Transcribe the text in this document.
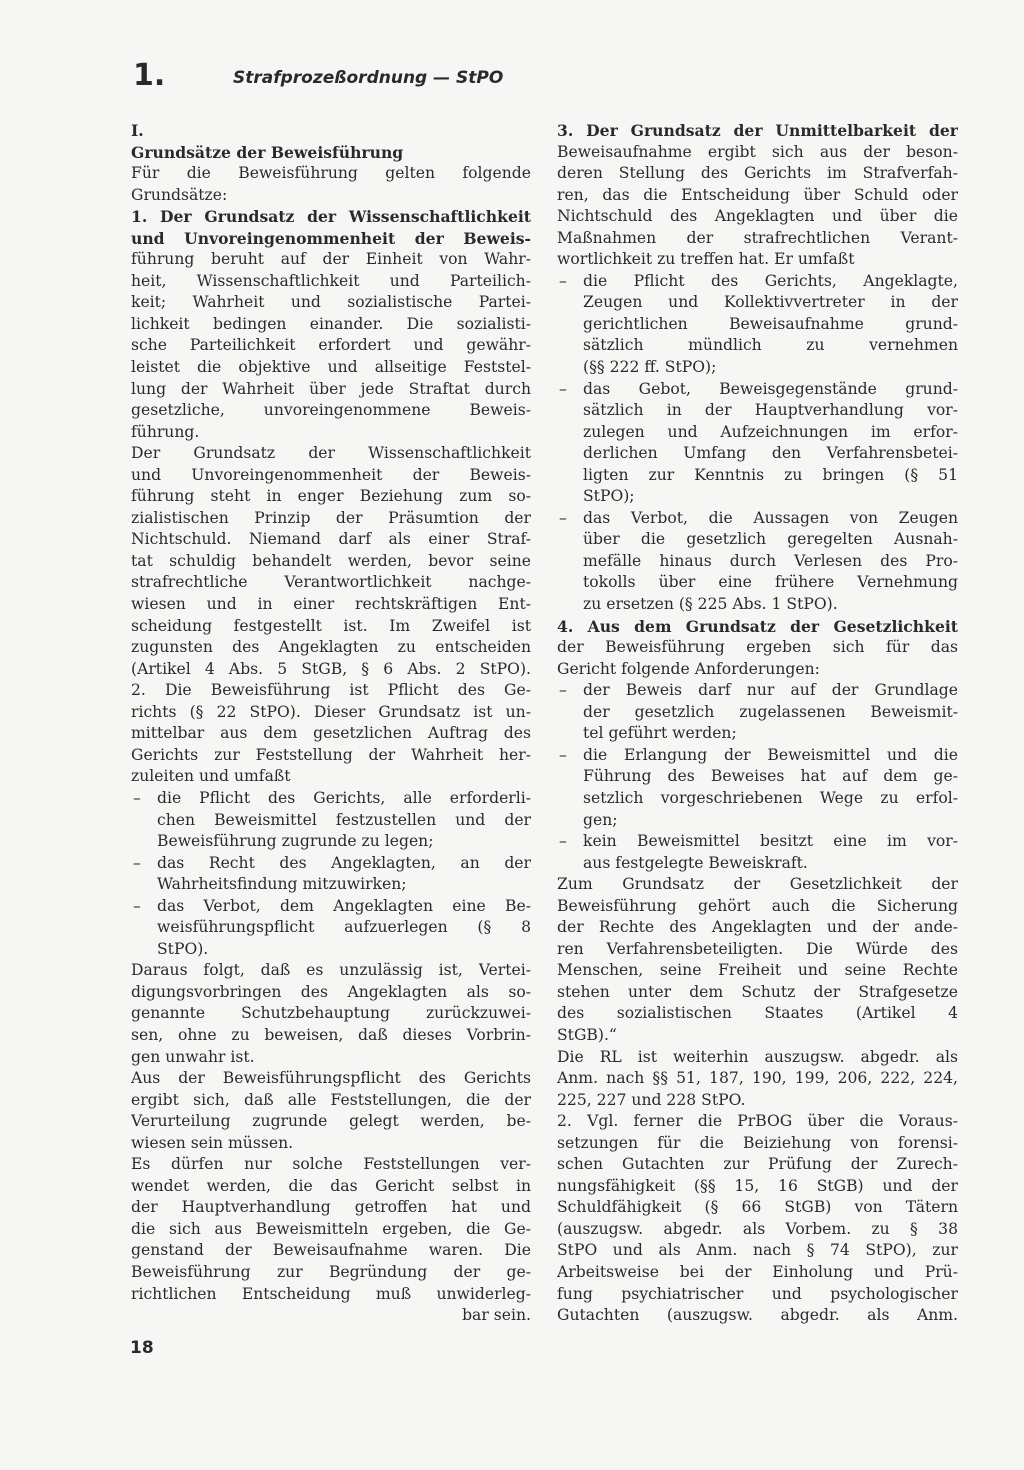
1.	Strafprozeßordnung — StPO
I.
Grundsätze der Beweisführung
Für die Beweisführung gelten folgende
Grundsätze:
1. Der Grundsatz der Wissenschaftlichkeit
und Unvoreingenommenheit der Beweis-
führung beruht auf der Einheit von Wahr-
heit, Wissenschaftlichkeit und Parteilich-
keit; Wahrheit und sozialistische Partei-
lichkeit bedingen einander. Die sozialisti-
sche Parteilichkeit erfordert und gewähr-
leistet die objektive und allseitige Feststel-
lung der Wahrheit über jede Straftat durch
gesetzliche, unvoreingenommene Beweis-
führung.
Der Grundsatz der Wissenschaftlichkeit
und Unvoreingenommenheit der Beweis-
führung steht in enger Beziehung zum so-
zialistischen Prinzip der Präsumtion der
Nichtschuld. Niemand darf als einer Straf-
tat schuldig behandelt werden, bevor seine
strafrechtliche Verantwortlichkeit nachge-
wiesen und in einer rechtskräftigen Ent-
scheidung festgestellt ist. Im Zweifel ist
zugunsten des Angeklagten zu entscheiden
(Artikel 4 Abs. 5 StGB, § 6 Abs. 2 StPO).
2. Die Beweisführung ist Pflicht des Ge-
richts (§ 22 StPO). Dieser Grundsatz ist un-
mittelbar aus dem gesetzlichen Auftrag des
Gerichts zur Feststellung der Wahrheit her-
zuleiten und umfaßt
– die Pflicht des Gerichts, alle erforderli-
chen Beweismittel festzustellen und der
Beweisführung zugrunde zu legen;
– das Recht des Angeklagten, an der
Wahrheitsfindung mitzuwirken;
– das Verbot, dem Angeklagten eine Be-
weisführungspflicht aufzuerlegen (§ 8
StPO).
Daraus folgt, daß es unzulässig ist, Vertei-
digungsvorbringen des Angeklagten als so-
genannte Schutzbehauptung zurückzuwei-
sen, ohne zu beweisen, daß dieses Vorbrin-
gen unwahr ist.
Aus der Beweisführungspflicht des Gerichts
ergibt sich, daß alle Feststellungen, die der
Verurteilung zugrunde gelegt werden, be-
wiesen sein müssen.
Es dürfen nur solche Feststellungen ver-
wendet werden, die das Gericht selbst in
der Hauptverhandlung getroffen hat und
die sich aus Beweismitteln ergeben, die Ge-
genstand der Beweisaufnahme waren. Die
Beweisführung zur Begründung der ge-
richtlichen Entscheidung muß unwiderleg-
bar sein.
3. Der Grundsatz der Unmittelbarkeit der
Beweisaufnahme ergibt sich aus der beson-
deren Stellung des Gerichts im Strafverfah-
ren, das die Entscheidung über Schuld oder
Nichtschuld des Angeklagten und über die
Maßnahmen der strafrechtlichen Verant-
wortlichkeit zu treffen hat. Er umfaßt
– die Pflicht des Gerichts, Angeklagte,
Zeugen und Kollektivvertreter in der
gerichtlichen Beweisaufnahme grund-
sätzlich mündlich zu vernehmen
(§§ 222 ff. StPO);
– das Gebot, Beweisgegenstände grund-
sätzlich in der Hauptverhandlung vor-
zulegen und Aufzeichnungen im erfor-
derlichen Umfang den Verfahrensbetei-
ligten zur Kenntnis zu bringen (§ 51
StPO);
– das Verbot, die Aussagen von Zeugen
über die gesetzlich geregelten Ausnah-
mefälle hinaus durch Verlesen des Pro-
tokolls über eine frühere Vernehmung
zu ersetzen (§ 225 Abs. 1 StPO).
4. Aus dem Grundsatz der Gesetzlichkeit
der Beweisführung ergeben sich für das
Gericht folgende Anforderungen:
– der Beweis darf nur auf der Grundlage
der gesetzlich zugelassenen Beweismit-
tel geführt werden;
– die Erlangung der Beweismittel und die
Führung des Beweises hat auf dem ge-
setzlich vorgeschriebenen Wege zu erfol-
gen;
– kein Beweismittel besitzt eine im vor-
aus festgelegte Beweiskraft.
Zum Grundsatz der Gesetzlichkeit der
Beweisführung gehört auch die Sicherung
der Rechte des Angeklagten und der ande-
ren Verfahrensbeteiligten. Die Würde des
Menschen, seine Freiheit und seine Rechte
stehen unter dem Schutz der Strafgesetze
des sozialistischen Staates (Artikel 4
StGB).“
Die RL ist weiterhin auszugsw. abgedr. als
Anm. nach §§ 51, 187, 190, 199, 206, 222, 224,
225, 227 und 228 StPO.
2. Vgl. ferner die PrBOG über die Voraus-
setzungen für die Beiziehung von forensi-
schen Gutachten zur Prüfung der Zurech-
nungsfähigkeit (§§ 15, 16 StGB) und der
Schuldfähigkeit (§ 66 StGB) von Tätern
(auszugsw. abgedr. als Vorbem. zu § 38
StPO und als Anm. nach § 74 StPO), zur
Arbeitsweise bei der Einholung und Prü-
fung psychiatrischer und psychologischer
Gutachten (auszugsw. abgedr. als Anm.
18
